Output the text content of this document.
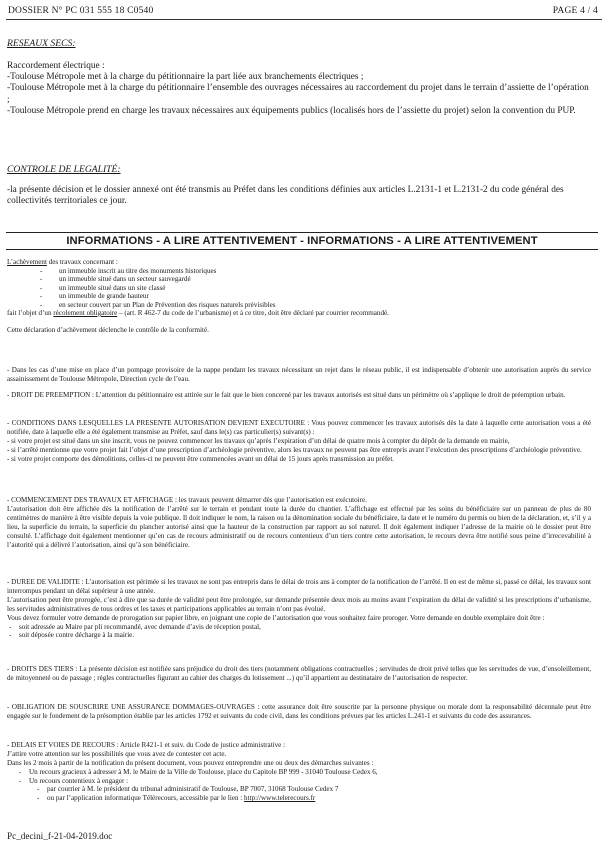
DOSSIER N° PC 031 555 18 C0540	PAGE 4 / 4
RESEAUX SECS:

Raccordement électrique :

-Toulouse Métropole met à la charge du pétitionnaire la part liée aux branchements électriques ;

-Toulouse Métropole met à la charge du pétitionnaire l’ensemble des ouvrages nécessaires au raccordement du projet dans le terrain d’assiette de l’opération ;

-Toulouse Métropole prend en charge les travaux nécessaires aux équipements publics (localisés hors de l’assiette du projet) selon la convention du PUP.

CONTROLE DE LEGALITÉ:

-la présente décision et le dossier annexé ont été transmis au Préfet dans les conditions définies aux articles L.2131-1 et L.2131-2 du code général des collectivités territoriales ce jour.

INFORMATIONS - A LIRE ATTENTIVEMENT - INFORMATIONS - A LIRE ATTENTIVEMENT

L’achèvement des travaux concernant :

- un immeuble inscrit au titre des monuments historiques
- un immeuble situé dans un secteur sauvegardé
- un immeuble situé dans un site classé
- un immeuble de grande hauteur
- en secteur couvert par un Plan de Prévention des risques naturels prévisibles

fait l’objet d’un récolement obligatoire – (art. R 462-7 du code de l’urbanisme) et à ce titre, doit être déclaré par courrier recommandé.

Cette déclaration d’achèvement déclenche le contrôle de la conformité.

- Dans les cas d’une mise en place d’un pompage provisoire de la nappe pendant les travaux nécessitant un rejet dans le réseau public, il est indispensable d’obtenir une autorisation auprès du service assainissement de Toulouse Métropole, Direction cycle de l’eau.

- DROIT DE PREEMPTION : L’attention du pétitionnaire est attirée sur le fait que le bien concerné par les travaux autorisés est situé dans un périmètre où s’applique le droit de préemption urbain.

- CONDITIONS DANS LESQUELLES LA PRESENTE AUTORISATION DEVIENT EXECUTOIRE : Vous pouvez commencer les travaux autorisés dès la date à laquelle cette autorisation vous a été notifiée, date à laquelle elle a été également transmise au Préfet, sauf dans le(s) cas particulier(s) suivant(s) :

- si votre projet est situé dans un site inscrit, vous ne pouvez commencer les travaux qu’après l’expiration d’un délai de quatre mois à compter du dépôt de la demande en mairie,

- si l’arrêté mentionne que votre projet fait l’objet d’une prescription d’archéologie préventive, alors les travaux ne peuvent pas être entrepris avant l’exécution des prescriptions d’archéologie préventive.

- si votre projet comporte des démolitions, celles-ci ne peuvent être commencées avant un délai de 15 jours après transmission au préfet.

- COMMENCEMENT DES TRAVAUX ET AFFICHAGE : les travaux peuvent démarrer dès que l’autorisation est exécutoire.

L’autorisation doit être affichée dès la notification de l’arrêté sur le terrain et pendant toute la durée du chantier. L’affichage est effectué par les soins du bénéficiaire sur un panneau de plus de 80 centimètres de manière à être visible depuis la voie publique. Il doit indiquer le nom, la raison ou la dénomination sociale du bénéficiaire, la date et le numéro du permis ou bien de la déclaration, et, s’il y a lieu, la superficie du terrain, la superficie du plancher autorisé ainsi que la hauteur de la construction par rapport au sol naturel. Il doit également indiquer l’adresse de la mairie où le dossier peut être consulté. L’affichage doit également mentionner qu’en cas de recours administratif ou de recours contentieux d’un tiers contre cette autorisation, le recours devra être notifié sous peine d’irrecevabilité à l’autorité qui a délivré l’autorisation, ainsi qu’à son bénéficiaire.

- DUREE DE VALIDITE : L’autorisation est périmée si les travaux ne sont pas entrepris dans le délai de trois ans à compter de la notification de l’arrêté. Il en est de même si, passé ce délai, les travaux sont interrompus pendant un délai supérieur à une année.

L’autorisation peut être prorogée, c’est à dire que sa durée de validité peut être prolongée, sur demande présentée deux mois au moins avant l’expiration du délai de validité si les prescriptions d’urbanisme, les servitudes administratives de tous ordres et les taxes et participations applicables au terrain n’ont pas évolué.

Vous devez formuler votre demande de prorogation sur papier libre, en joignant une copie de l’autorisation que vous souhaitez faire proroger. Votre demande en double exemplaire doit être :

- soit adressée au Maire par pli recommandé, avec demande d’avis de réception postal,
- soit déposée contre décharge à la mairie.

- DROITS DES TIERS : La présente décision est notifiée sans préjudice du droit des tiers (notamment obligations contractuelles ; servitudes de droit privé telles que les servitudes de vue, d’ensoleillement, de mitoyenneté ou de passage ; règles contractuelles figurant au cahier des charges du lotissement ...) qu’il appartient au destinataire de l’autorisation de respecter.

- OBLIGATION DE SOUSCRIRE UNE ASSURANCE DOMMAGES-OUVRAGES : cette assurance doit être souscrite par la personne physique ou morale dont la responsabilité décennale peut être engagée sur le fondement de la présomption établie par les articles 1792 et suivants du code civil, dans les conditions prévues par les articles L.241-1 et suivants du code des assurances.

- DELAIS ET VOIES DE RECOURS : Article R421-1 et suiv. du Code de justice administrative :

J’attire votre attention sur les possibilités que vous avez de contester cet acte.

Dans les 2 mois à partir de la notification du présent document, vous pouvez entreprendre une ou deux des démarches suivantes :

- Un recours gracieux à adresser à M. le Maire de la Ville de Toulouse, place du Capitole BP 999 - 31040 Toulouse Cedex 6,
- Un recours contentieux à engager :
- par courrier à M. le président du tribunal administratif de Toulouse, BP 7007, 31068 Toulouse Cedex 7
- ou par l’application informatique Télérecours, accessible par le lien : http://www.telerecours.fr
Pc_decini_f-21-04-2019.doc
